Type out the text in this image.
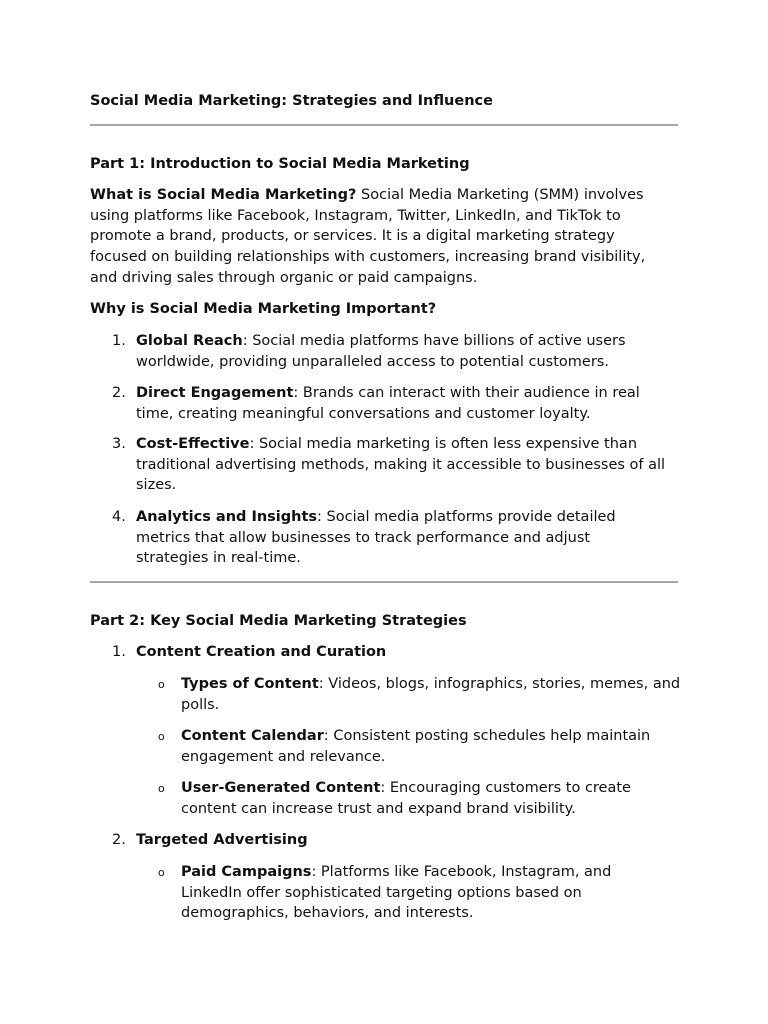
Social Media Marketing: Strategies and Influence
Part 1: Introduction to Social Media Marketing
What is Social Media Marketing? Social Media Marketing (SMM) involves using platforms like Facebook, Instagram, Twitter, LinkedIn, and TikTok to promote a brand, products, or services. It is a digital marketing strategy focused on building relationships with customers, increasing brand visibility, and driving sales through organic or paid campaigns.
Why is Social Media Marketing Important?
1. Global Reach: Social media platforms have billions of active users worldwide, providing unparalleled access to potential customers.
2. Direct Engagement: Brands can interact with their audience in real time, creating meaningful conversations and customer loyalty.
3. Cost-Effective: Social media marketing is often less expensive than traditional advertising methods, making it accessible to businesses of all sizes.
4. Analytics and Insights: Social media platforms provide detailed metrics that allow businesses to track performance and adjust strategies in real-time.
Part 2: Key Social Media Marketing Strategies
1. Content Creation and Curation
o Types of Content: Videos, blogs, infographics, stories, memes, and polls.
o Content Calendar: Consistent posting schedules help maintain engagement and relevance.
o User-Generated Content: Encouraging customers to create content can increase trust and expand brand visibility.
2. Targeted Advertising
o Paid Campaigns: Platforms like Facebook, Instagram, and LinkedIn offer sophisticated targeting options based on demographics, behaviors, and interests.
